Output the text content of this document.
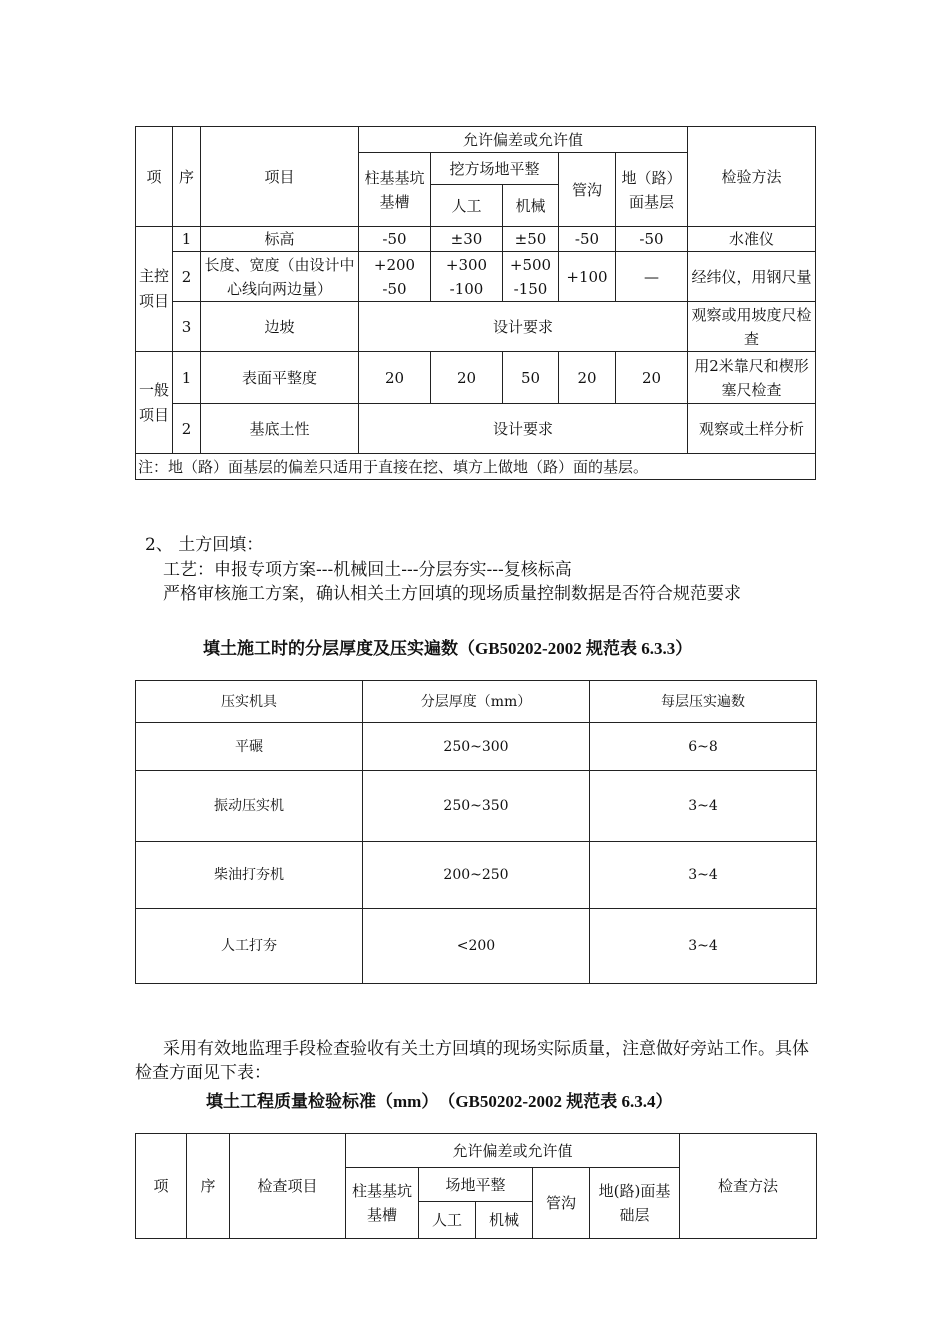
项	序	项目	允许偏差或允许值					检验方法
			柱基基坑基槽	挖方场地平整		管沟	地（路）面基层	
				人工	机械			
主控项目	1	标高	-50	±30	±50	-50	-50	水准仪
	2	长度、宽度（由设计中心线向两边量）	+200 -50	+300 -100	+500 -150	+100	—	经纬仪，用钢尺量
	3	边坡	设计要求					观察或用坡度尺检查
一般项目	1	表面平整度	20	20	50	20	20	用2米靠尺和楔形塞尺检查
	2	基底土性	设计要求					观察或土样分析
注：地（路）面基层的偏差只适用于直接在挖、填方上做地（路）面的基层。								
2、 土方回填：
工艺：申报专项方案---机械回土---分层夯实---复核标高
严格审核施工方案，确认相关土方回填的现场质量控制数据是否符合规范要求
填土施工时的分层厚度及压实遍数（GB50202-2002 规范表 6.3.3）
压实机具	分层厚度（mm）	每层压实遍数
平碾	250~300	6~8
振动压实机	250~350	3~4
柴油打夯机	200~250	3~4
人工打夯	<200	3~4
采用有效地监理手段检查验收有关土方回填的现场实际质量，注意做好旁站工作。具体检查方面见下表：
填土工程质量检验标准（mm）　（GB50202-2002 规范表 6.3.4）
项	序	检查项目	允许偏差或允许值					检查方法
			柱基基坑基槽	场地平整		管沟	地(路)面基础层	
				人工	机械			
